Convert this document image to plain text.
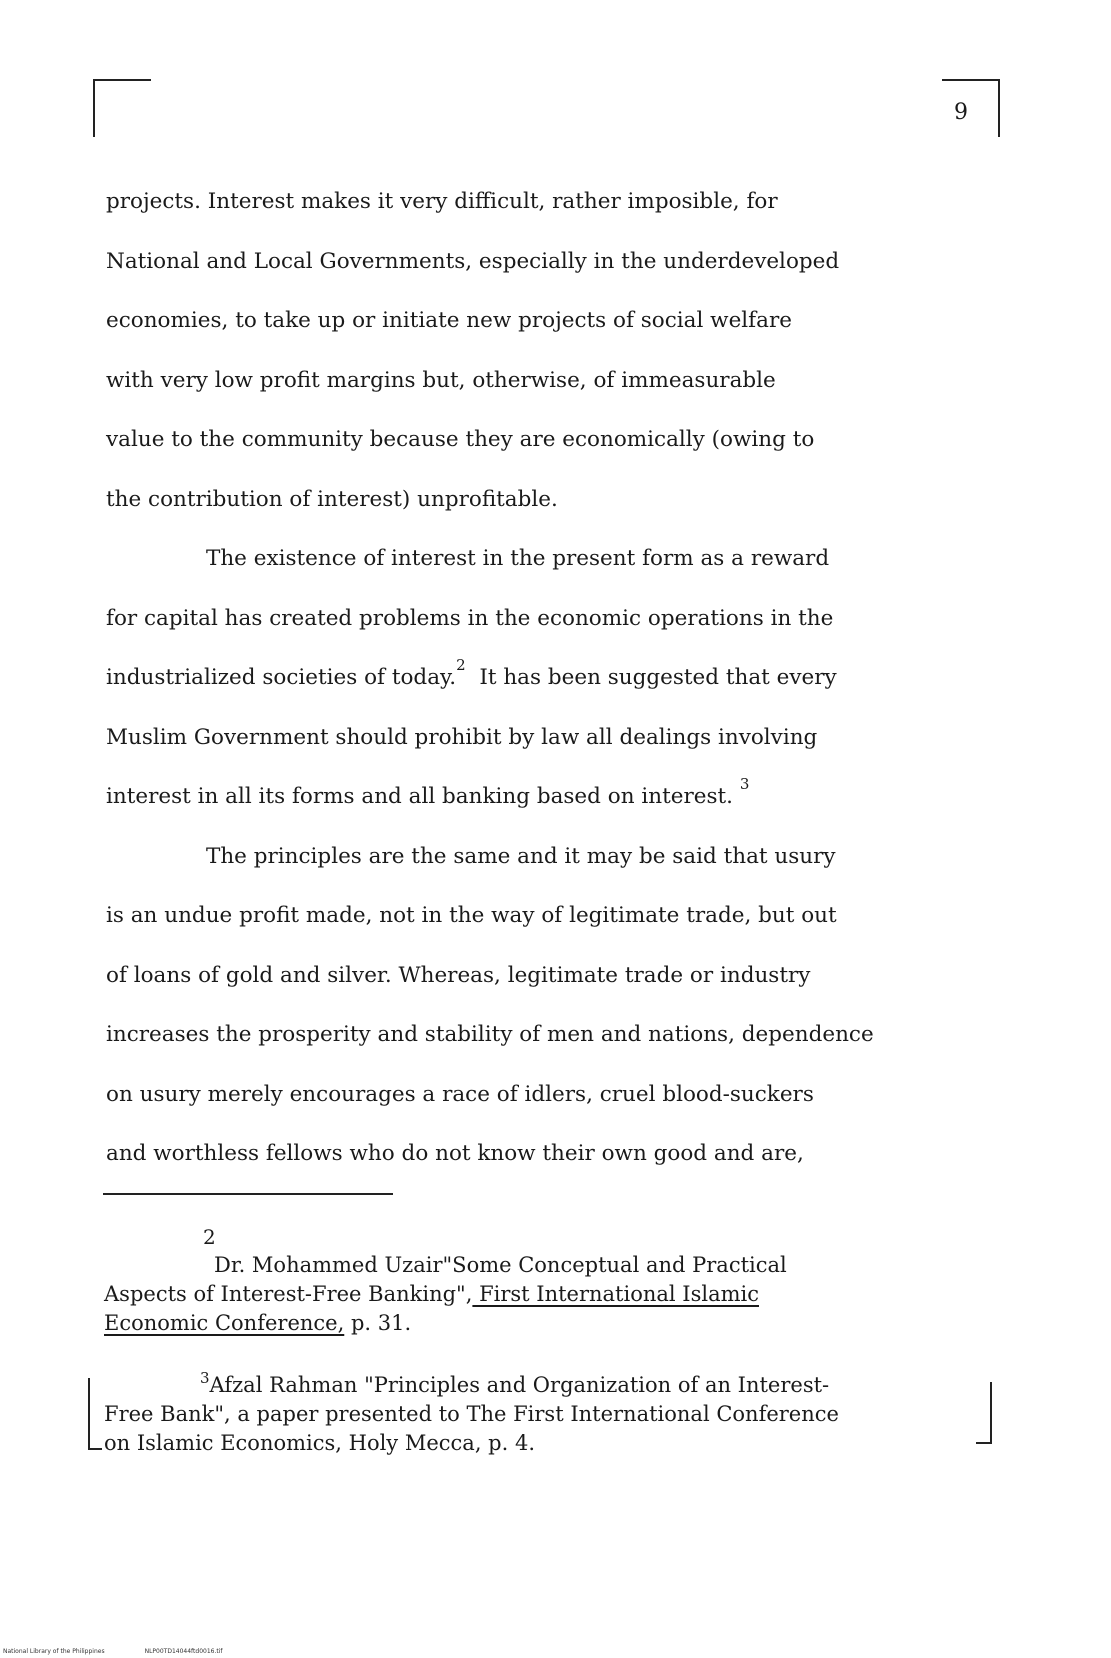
9
projects. Interest makes it very difficult, rather imposible, for
National and Local Governments, especially in the underdeveloped
economies, to take up or initiate new projects of social welfare
with very low profit margins but, otherwise, of immeasurable
value to the community because they are economically (owing to
the contribution of interest) unprofitable.
The existence of interest in the present form as a reward
for capital has created problems in the economic operations in the
industrialized societies of today.$^2$ It has been suggested that every
Muslim Government should prohibit by law all dealings involving
interest in all its forms and all banking based on interest. $^3$
The principles are the same and it may be said that usury
is an undue profit made, not in the way of legitimate trade, but out
of loans of gold and silver. Whereas, legitimate trade or industry
increases the prosperity and stability of men and nations, dependence
on usury merely encourages a race of idlers, cruel blood-suckers
and worthless fellows who do not know their own good and are,
2
Dr. Mohammed Uzair"Some Conceptual and Practical
Aspects of Interest-Free Banking", First International Islamic
Economic Conference, p. 31.
$^3$Afzal Rahman "Principles and Organization of an Interest-
Free Bank", a paper presented to The First International Conference
on Islamic Economics, Holy Mecca, p. 4.
National Library of the Philippines	NLP00TD14044ftd0016.tif
